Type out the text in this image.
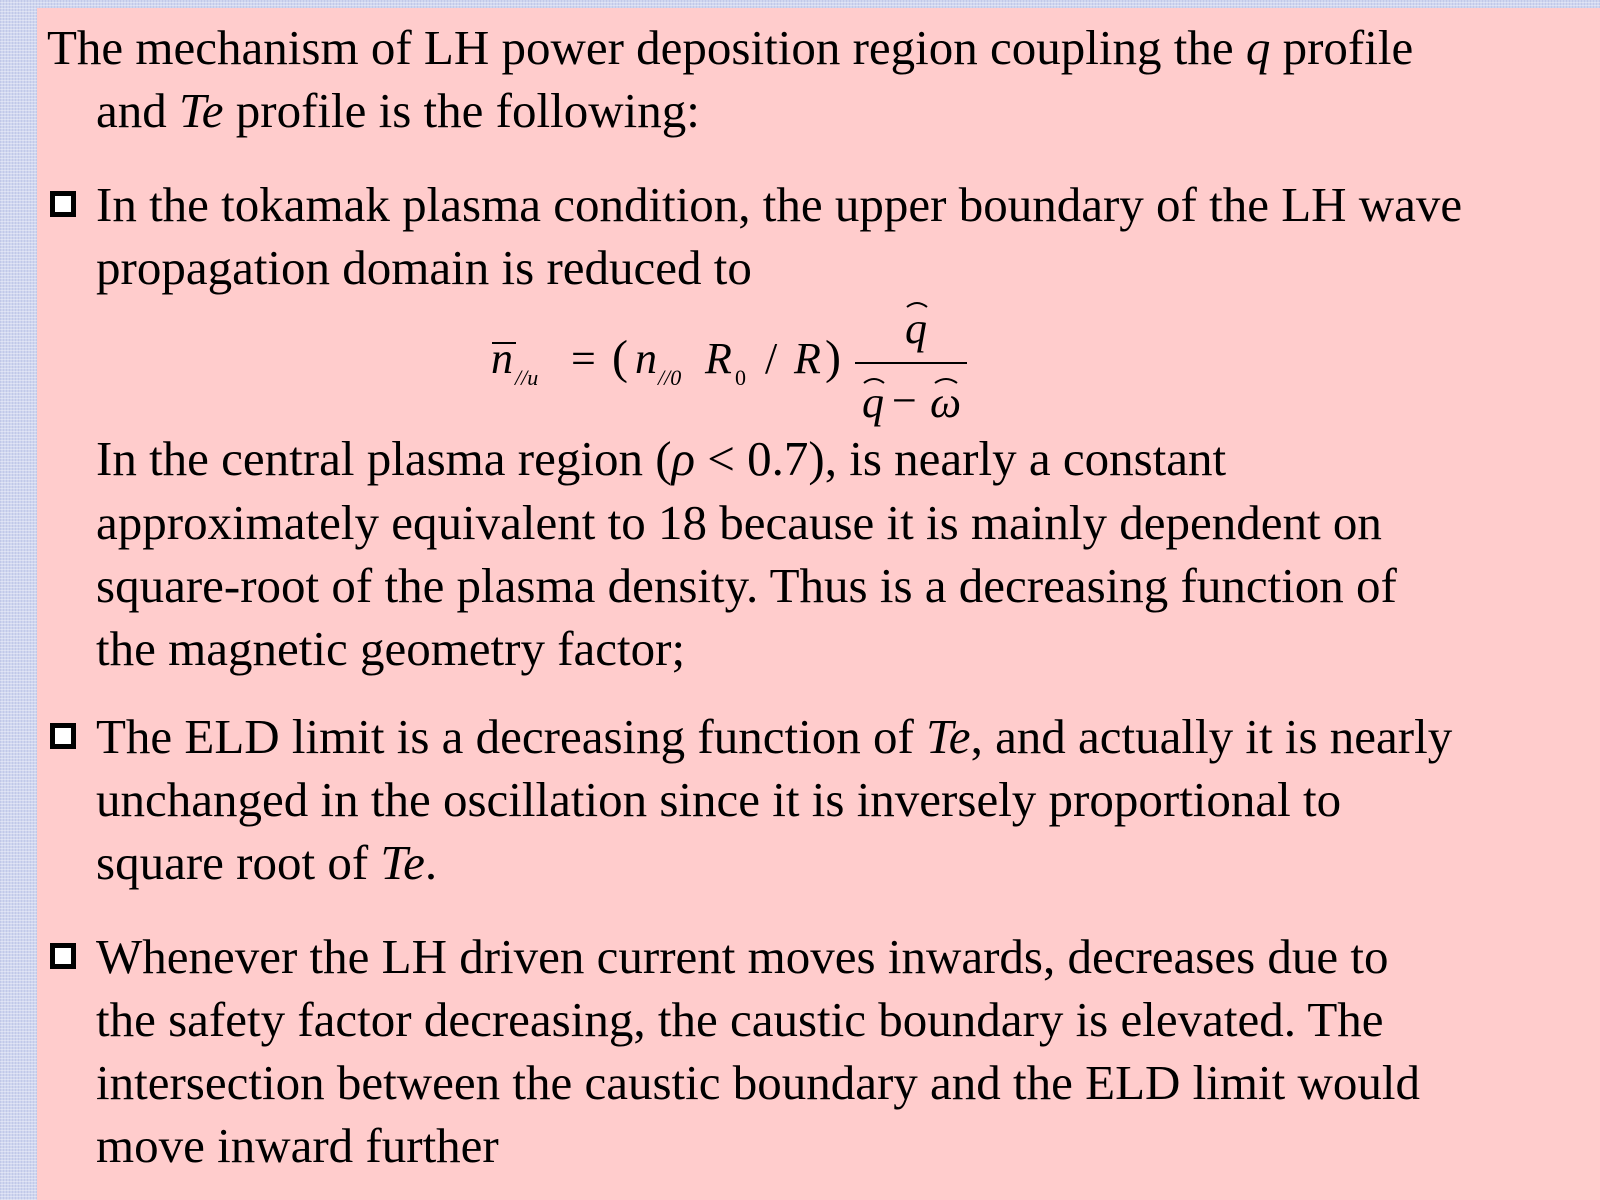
The mechanism of LH power deposition region coupling the q profile
and Te profile is the following:
In the tokamak plasma condition, the upper boundary of the LH wave
propagation domain is reduced to
In the central plasma region (ρ < 0.7), is nearly a constant
approximately equivalent to 18 because it is mainly dependent on
square-root of the plasma density. Thus is a decreasing function of
the magnetic geometry factor;
n //u = ( n //0 R 0 / R )
q
q − ω
The ELD limit is a decreasing function of Te, and actually it is nearly
unchanged in the oscillation since it is inversely proportional to
square root of Te.
Whenever the LH driven current moves inwards, decreases due to
the safety factor decreasing, the caustic boundary is elevated. The
intersection between the caustic boundary and the ELD limit would
move inward further
